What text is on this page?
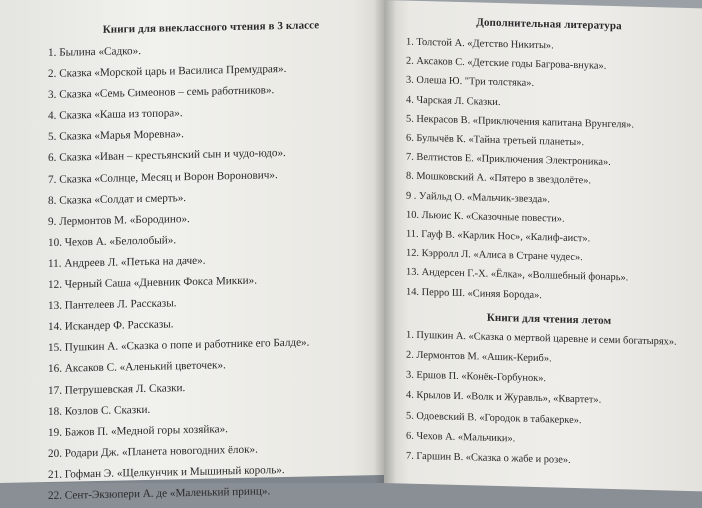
Книги для внеклассного чтения в 3 классе
1. Былина «Садко».
2. Сказка «Морской царь и Василиса Премудрая».
3. Сказка «Семь Симеонов – семь работников».
4. Сказка «Каша из топора».
5. Сказка «Марья Моревна».
6. Сказка «Иван – крестьянский сын и чудо-юдо».
7. Сказка «Солнце, Месяц и Ворон Воронович».
8. Сказка «Солдат и смерть».
9. Лермонтов М. «Бородино».
10. Чехов А. «Белолобый».
11. Андреев Л. «Петька на даче».
12. Черный Саша «Дневник Фокса Микки».
13. Пантелеев Л. Рассказы.
14. Искандер Ф. Рассказы.
15. Пушкин А. «Сказка о попе и работнике его Балде».
16. Аксаков С. «Аленький цветочек».
17. Петрушевская Л. Сказки.
18. Козлов С. Сказки.
19. Бажов П. «Медной горы хозяйка».
20. Родари Дж. «Планета новогодних ёлок».
21. Гофман Э. «Щелкунчик и Мышиный король».
22. Сент-Экзюпери А. де «Маленький принц».
Дополнительная литература
1. Толстой А. «Детство Никиты».
2. Аксаков С. «Детские годы Багрова-внука».
3. Олеша Ю. "Три толстяка».
4. Чарская Л. Сказки.
5. Некрасов В. «Приключения капитана Врунгеля».
6. Булычёв К. «Тайна третьей планеты».
7. Велтистов Е. «Приключения Электроника».
8. Мошковский А. «Пятеро в звездолёте».
9 . Уайльд О. «Мальчик-звезда».
10. Льюис К. «Сказочные повести».
11. Гауф В. «Карлик Нос», «Калиф-аист».
12. Кэрролл Л. «Алиса в Стране чудес».
13. Андерсен Г.-Х. «Ёлка», «Волшебный фонарь».
14. Перро Ш. «Синяя Борода».
Книги для чтения летом
1. Пушкин А. «Сказка о мертвой царевне и семи богатырях».
2. Лермонтов М. «Ашик-Кериб».
3. Ершов П. «Конёк-Горбунок».
4. Крылов И. «Волк и Журавль», «Квартет».
5. Одоевский В. «Городок в табакерке».
6. Чехов А. «Мальчики».
7. Гаршин В. «Сказка о жабе и розе».
